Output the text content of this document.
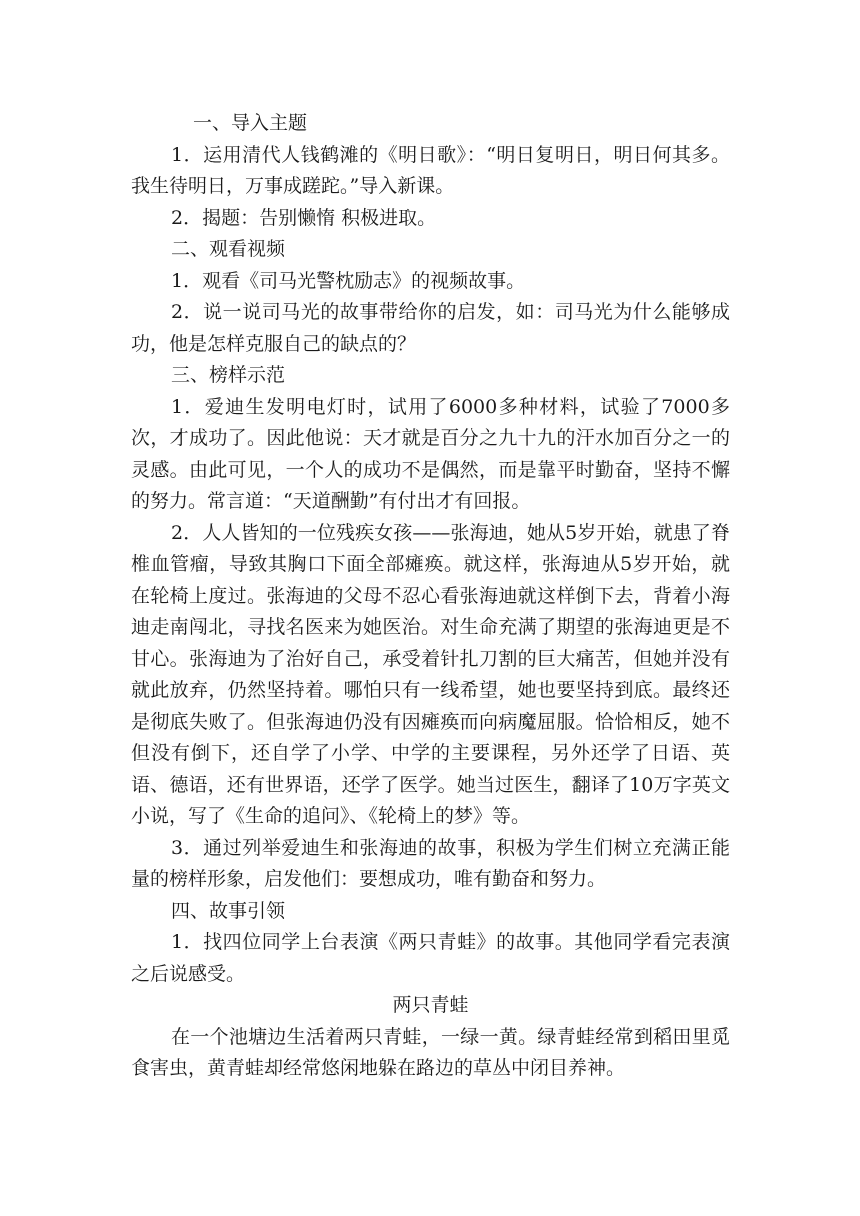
一、导入主题

1．运用清代人钱鹤滩的《明日歌》：“明日复明日，明日何其多。我生待明日，万事成蹉跎。”导入新课。

2．揭题：告别懒惰 积极进取。

二、观看视频

1．观看《司马光警枕励志》的视频故事。

2．说一说司马光的故事带给你的启发，如：司马光为什么能够成功，他是怎样克服自己的缺点的？

三、榜样示范

1．爱迪生发明电灯时，试用了6000多种材料，试验了7000多次，才成功了。因此他说：天才就是百分之九十九的汗水加百分之一的灵感。由此可见，一个人的成功不是偶然，而是靠平时勤奋，坚持不懈的努力。常言道：“天道酬勤”有付出才有回报。

2．人人皆知的一位残疾女孩——张海迪，她从5岁开始，就患了脊椎血管瘤，导致其胸口下面全部瘫痪。就这样，张海迪从5岁开始，就在轮椅上度过。张海迪的父母不忍心看张海迪就这样倒下去，背着小海迪走南闯北，寻找名医来为她医治。对生命充满了期望的张海迪更是不甘心。张海迪为了治好自己，承受着针扎刀割的巨大痛苦，但她并没有就此放弃，仍然坚持着。哪怕只有一线希望，她也要坚持到底。最终还是彻底失败了。但张海迪仍没有因瘫痪而向病魔屈服。恰恰相反，她不但没有倒下，还自学了小学、中学的主要课程，另外还学了日语、英语、德语，还有世界语，还学了医学。她当过医生，翻译了10万字英文小说，写了《生命的追问》、《轮椅上的梦》等。

3．通过列举爱迪生和张海迪的故事，积极为学生们树立充满正能量的榜样形象，启发他们：要想成功，唯有勤奋和努力。

四、故事引领

1．找四位同学上台表演《两只青蛙》的故事。其他同学看完表演之后说感受。

两只青蛙

在一个池塘边生活着两只青蛙，一绿一黄。绿青蛙经常到稻田里觅食害虫，黄青蛙却经常悠闲地躲在路边的草丛中闭目养神。
